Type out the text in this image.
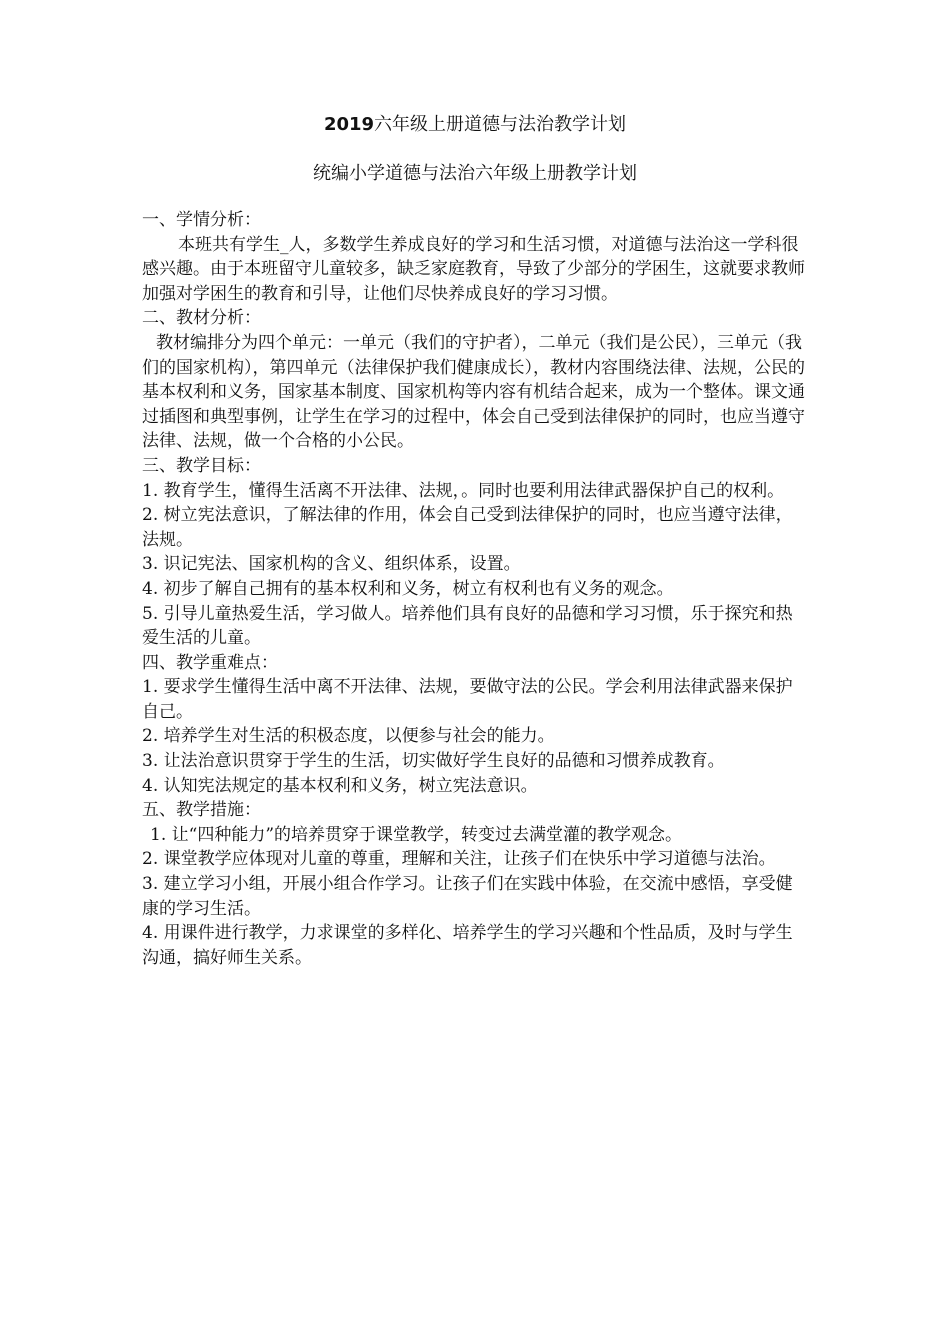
2019六年级上册道德与法治教学计划
统编小学道德与法治六年级上册教学计划

一、学情分析：

本班共有学生_人，多数学生养成良好的学习和生活习惯，对道德与法治这一学科很感兴趣。由于本班留守儿童较多，缺乏家庭教育，导致了少部分的学困生，这就要求教师加强对学困生的教育和引导，让他们尽快养成良好的学习习惯。

二、教材分析：

教材编排分为四个单元：一单元（我们的守护者），二单元（我们是公民），三单元（我们的国家机构），第四单元（法律保护我们健康成长），教材内容围绕法律、法规，公民的基本权利和义务，国家基本制度、国家机构等内容有机结合起来，成为一个整体。课文通过插图和典型事例，让学生在学习的过程中，体会自己受到法律保护的同时，也应当遵守法律、法规，做一个合格的小公民。

三、教学目标：

1. 教育学生，懂得生活离不开法律、法规，。同时也要利用法律武器保护自己的权利。

2. 树立宪法意识，了解法律的作用，体会自己受到法律保护的同时，也应当遵守法律，法规。

3. 识记宪法、国家机构的含义、组织体系，设置。

4. 初步了解自己拥有的基本权利和义务，树立有权利也有义务的观念。

5. 引导儿童热爱生活，学习做人。培养他们具有良好的品德和学习习惯，乐于探究和热爱生活的儿童。

四、教学重难点：

1. 要求学生懂得生活中离不开法律、法规，要做守法的公民。学会利用法律武器来保护自己。

2. 培养学生对生活的积极态度，以便参与社会的能力。

3. 让法治意识贯穿于学生的生活，切实做好学生良好的品德和习惯养成教育。

4. 认知宪法规定的基本权利和义务，树立宪法意识。

五、教学措施：

1. 让“四种能力”的培养贯穿于课堂教学，转变过去满堂灌的教学观念。

2. 课堂教学应体现对儿童的尊重，理解和关注，让孩子们在快乐中学习道德与法治。

3. 建立学习小组，开展小组合作学习。让孩子们在实践中体验，在交流中感悟，享受健康的学习生活。

4. 用课件进行教学，力求课堂的多样化、培养学生的学习兴趣和个性品质，及时与学生沟通，搞好师生关系。
